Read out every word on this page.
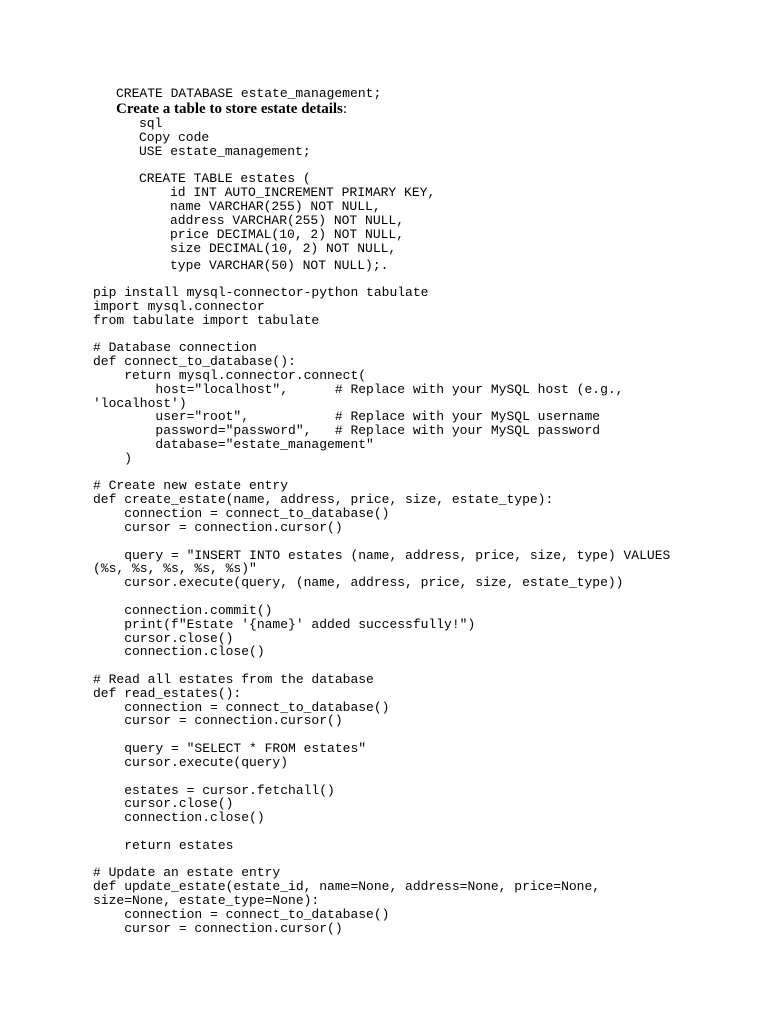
CREATE DATABASE estate_management;
Create a table to store estate details:
sql
Copy code
USE estate_management;
CREATE TABLE estates (
id INT AUTO_INCREMENT PRIMARY KEY,
name VARCHAR(255) NOT NULL,
address VARCHAR(255) NOT NULL,
price DECIMAL(10, 2) NOT NULL,
size DECIMAL(10, 2) NOT NULL,
type VARCHAR(50) NOT NULL);.
pip install mysql-connector-python tabulate
import mysql.connector
from tabulate import tabulate
# Database connection
def connect_to_database():
return mysql.connector.connect(
host="localhost",      # Replace with your MySQL host (e.g.,
'localhost')
user="root",           # Replace with your MySQL username
password="password",   # Replace with your MySQL password
database="estate_management"
)
# Create new estate entry
def create_estate(name, address, price, size, estate_type):
connection = connect_to_database()
cursor = connection.cursor()
query = "INSERT INTO estates (name, address, price, size, type) VALUES
(%s, %s, %s, %s, %s)"
cursor.execute(query, (name, address, price, size, estate_type))
connection.commit()
print(f"Estate '{name}' added successfully!")
cursor.close()
connection.close()
# Read all estates from the database
def read_estates():
connection = connect_to_database()
cursor = connection.cursor()
query = "SELECT * FROM estates"
cursor.execute(query)
estates = cursor.fetchall()
cursor.close()
connection.close()
return estates
# Update an estate entry
def update_estate(estate_id, name=None, address=None, price=None,
size=None, estate_type=None):
connection = connect_to_database()
cursor = connection.cursor()
